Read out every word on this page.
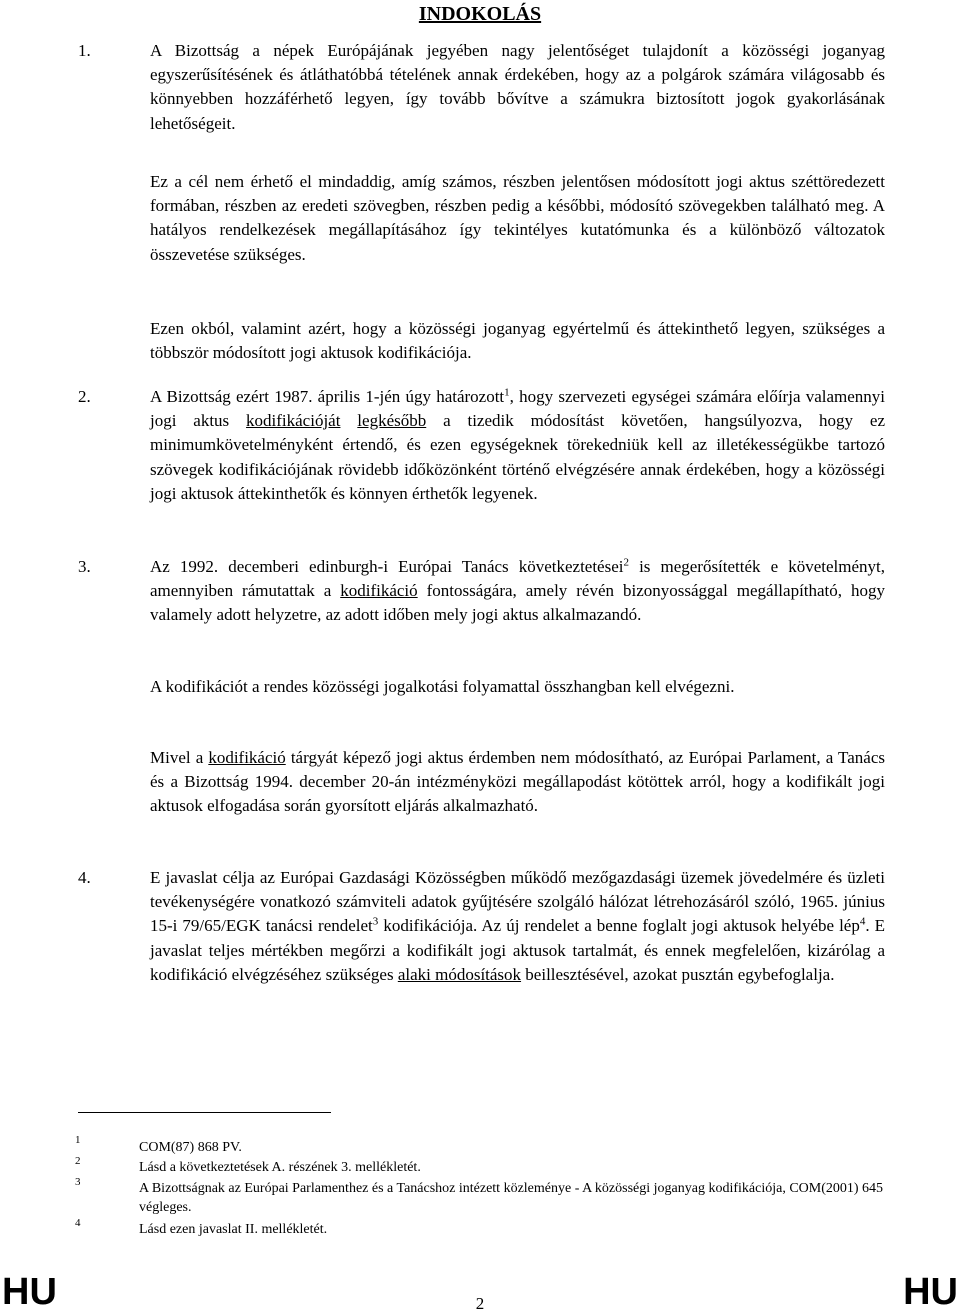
INDOKOLÁS
1.	A Bizottság a népek Európájának jegyében nagy jelentőséget tulajdonít a közösségi joganyag egyszerűsítésének és átláthatóbbá tételének annak érdekében, hogy az a polgárok számára világosabb és könnyebben hozzáférhető legyen, így tovább bővítve a számukra biztosított jogok gyakorlásának lehetőségeit.

Ez a cél nem érhető el mindaddig, amíg számos, részben jelentősen módosított jogi aktus széttöredezett formában, részben az eredeti szövegben, részben pedig a későbbi, módosító szövegekben található meg. A hatályos rendelkezések megállapításához így tekintélyes kutatómunka és a különböző változatok összevetése szükséges.

Ezen okból, valamint azért, hogy a közösségi joganyag egyértelmű és áttekinthető legyen, szükséges a többször módosított jogi aktusok kodifikációja.

2.	A Bizottság ezért 1987. április 1-jén úgy határozott$^1$, hogy szervezeti egységei számára előírja valamennyi jogi aktus kodifikációját legkésőbb a tizedik módosítást követően, hangsúlyozva, hogy ez minimumkövetelményként értendő, és ezen egységeknek törekedniük kell az illetékességükbe tartozó szövegek kodifikációjának rövidebb időközönként történő elvégzésére annak érdekében, hogy a közösségi jogi aktusok áttekinthetők és könnyen érthetők legyenek.

3.	Az 1992. decemberi edinburgh-i Európai Tanács következtetései$^2$ is megerősítették e követelményt, amennyiben rámutattak a kodifikáció fontosságára, amely révén bizonyossággal megállapítható, hogy valamely adott helyzetre, az adott időben mely jogi aktus alkalmazandó.

A kodifikációt a rendes közösségi jogalkotási folyamattal összhangban kell elvégezni.

Mivel a kodifikáció tárgyát képező jogi aktus érdemben nem módosítható, az Európai Parlament, a Tanács és a Bizottság 1994. december 20-án intézményközi megállapodást kötöttek arról, hogy a kodifikált jogi aktusok elfogadása során gyorsított eljárás alkalmazható.

4.	E javaslat célja az Európai Gazdasági Közösségben működő mezőgazdasági üzemek jövedelmére és üzleti tevékenységére vonatkozó számviteli adatok gyűjtésére szolgáló hálózat létrehozásáról szóló, 1965. június 15-i 79/65/EGK tanácsi rendelet$^3$ kodifikációja. Az új rendelet a benne foglalt jogi aktusok helyébe lép$^4$. E javaslat teljes mértékben megőrzi a kodifikált jogi aktusok tartalmát, és ennek megfelelően, kizárólag a kodifikáció elvégzéséhez szükséges alaki módosítások beillesztésével, azokat pusztán egybefoglalja.

1	COM(87) 868 PV.
2	Lásd a következtetések A. részének 3. mellékletét.
3	A Bizottságnak az Európai Parlamenthez és a Tanácshoz intézett közleménye - A közösségi joganyag kodifikációja, COM(2001) 645 végleges.
4	Lásd ezen javaslat II. mellékletét.
HU	2	HU
